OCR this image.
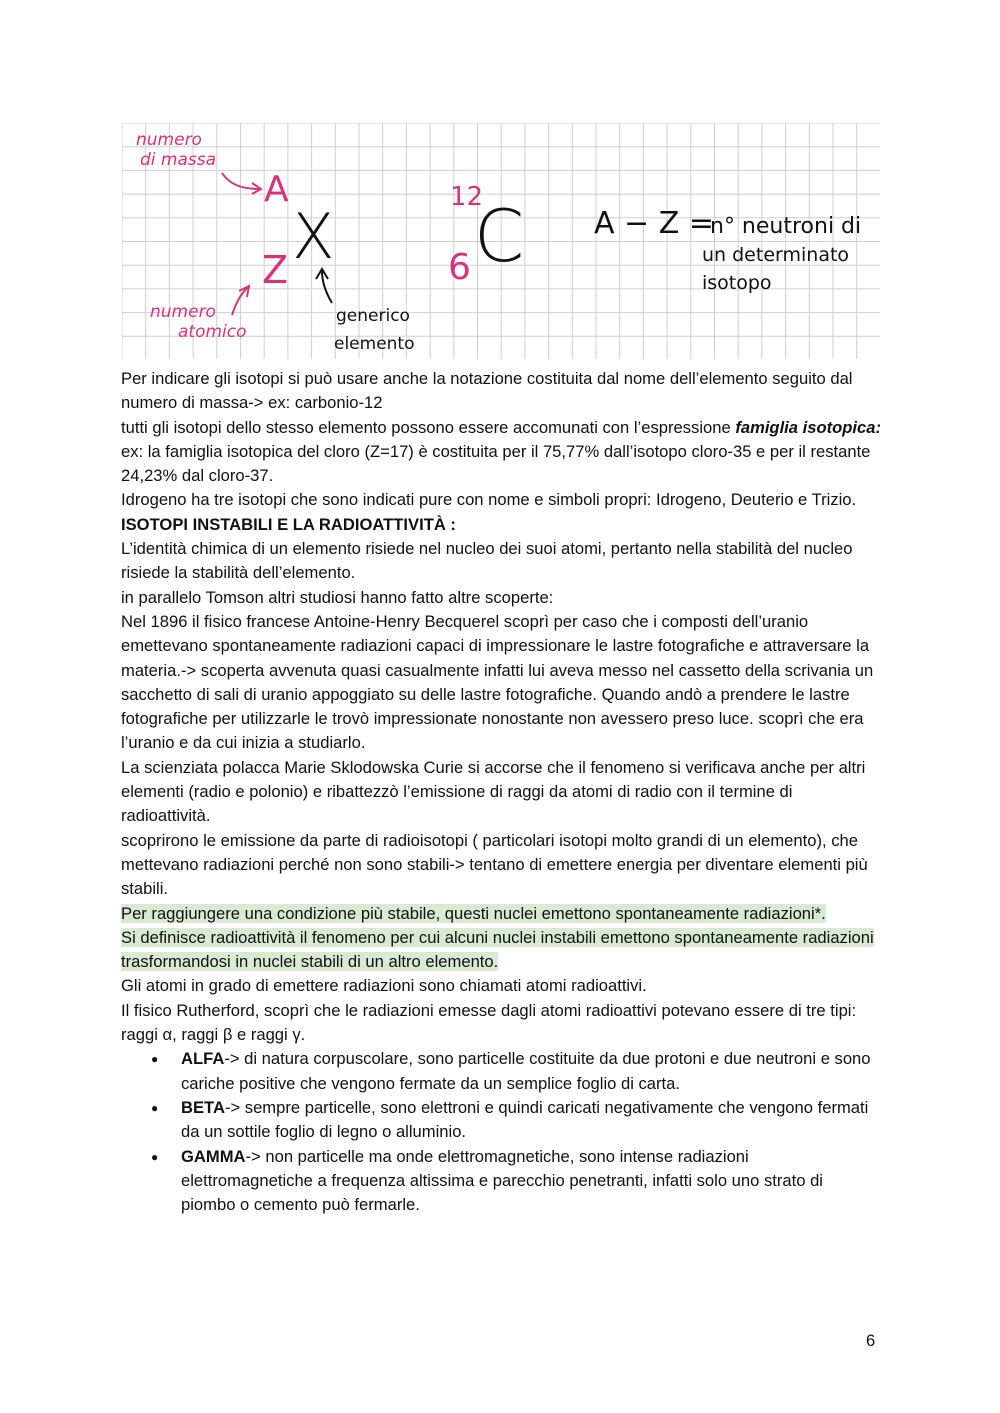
numero
di massa
A
X
Z
numero
atomico
generico
elemento
12
6 C A − Z =
n° neutroni di
un determinato
isotopo

Per indicare gli isotopi si può usare anche la notazione costituita dal nome dell’elemento seguito dal numero di massa-> ex: carbonio-12

tutti gli isotopi dello stesso elemento possono essere accomunati con l’espressione famiglia isotopica: ex: la famiglia isotopica del cloro (Z=17) è costituita per il 75,77% dall’isotopo cloro-35 e per il restante 24,23% dal cloro-37.

Idrogeno ha tre isotopi che sono indicati pure con nome e simboli propri: Idrogeno, Deuterio e Trizio.

ISOTOPI INSTABILI E LA RADIOATTIVITÀ :

L’identità chimica di un elemento risiede nel nucleo dei suoi atomi, pertanto nella stabilità del nucleo risiede la stabilità dell’elemento.

in parallelo Tomson altri studiosi hanno fatto altre scoperte:

Nel 1896 il fisico francese Antoine-Henry Becquerel scoprì per caso che i composti dell’uranio emettevano spontaneamente radiazioni capaci di impressionare le lastre fotografiche e attraversare la materia.-> scoperta avvenuta quasi casualmente infatti lui aveva messo nel cassetto della scrivania un sacchetto di sali di uranio appoggiato su delle lastre fotografiche. Quando andò a prendere le lastre fotografiche per utilizzarle le trovò impressionate nonostante non avessero preso luce. scoprì che era l’uranio e da cui inizia a studiarlo.

La scienziata polacca Marie Sklodowska Curie si accorse che il fenomeno si verificava anche per altri elementi (radio e polonio) e ribattezzò l’emissione di raggi da atomi di radio con il termine di radioattività.

scoprirono le emissione da parte di radioisotopi ( particolari isotopi molto grandi di un elemento), che mettevano radiazioni perché non sono stabili-> tentano di emettere energia per diventare elementi più stabili.

Per raggiungere una condizione più stabile, questi nuclei emettono spontaneamente radiazioni*.

Si definisce radioattività il fenomeno per cui alcuni nuclei instabili emettono spontaneamente radiazioni trasformandosi in nuclei stabili di un altro elemento.

Gli atomi in grado di emettere radiazioni sono chiamati atomi radioattivi.

Il fisico Rutherford, scoprì che le radiazioni emesse dagli atomi radioattivi potevano essere di tre tipi: raggi α, raggi β e raggi γ.

● ALFA-> di natura corpuscolare, sono particelle costituite da due protoni e due neutroni e sono cariche positive che vengono fermate da un semplice foglio di carta.
● BETA-> sempre particelle, sono elettroni e quindi caricati negativamente che vengono fermati da un sottile foglio di legno o alluminio.
● GAMMA-> non particelle ma onde elettromagnetiche, sono intense radiazioni elettromagnetiche a frequenza altissima e parecchio penetranti, infatti solo uno strato di piombo o cemento può fermarle.
6
